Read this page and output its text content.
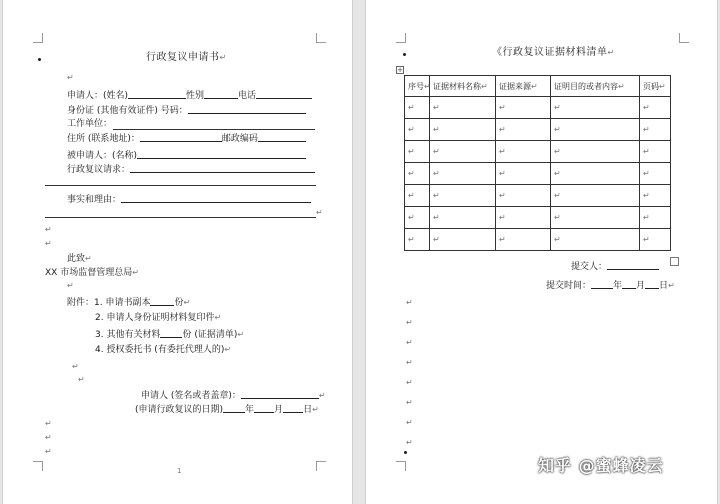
行政复议申请书↵
↵
申请人：(姓名)	性别	电话
身份证 (其他有效证件) 号码：
工作单位：
住所 (联系地址)：	邮政编码
被申请人：(名称)
行政复议请求：
事实和理由：
↵
↵
↵
此致↵
XX 市场监督管理总局↵
↵
附件：1. 申请书副本	份↵
2. 申请人身份证明材料复印件↵
3. 其他有关材料 份 (证据清单)↵
4. 授权委托书 (有委托代理人的)↵
↵
↵
申请人 (签名或者盖章)：	↵
(申请行政复议的日期) 年 月 日↵
↵
↵
↵
1
《行政复议证据材料清单↵
+
序号↵	证据材料名称↵	证据来源↵	证明目的或者内容↵	页码↵
↵	↵	↵	↵	↵
↵	↵	↵	↵	↵
↵	↵	↵	↵	↵
↵	↵	↵	↵	↵
↵	↵	↵	↵	↵
↵	↵	↵	↵	↵
↵	↵	↵	↵	↵
提交人：
提交时间： 年 月 日↵
↵
↵
↵
↵
↵
↵
↵
↵
知乎 @蜜蜂凌云
